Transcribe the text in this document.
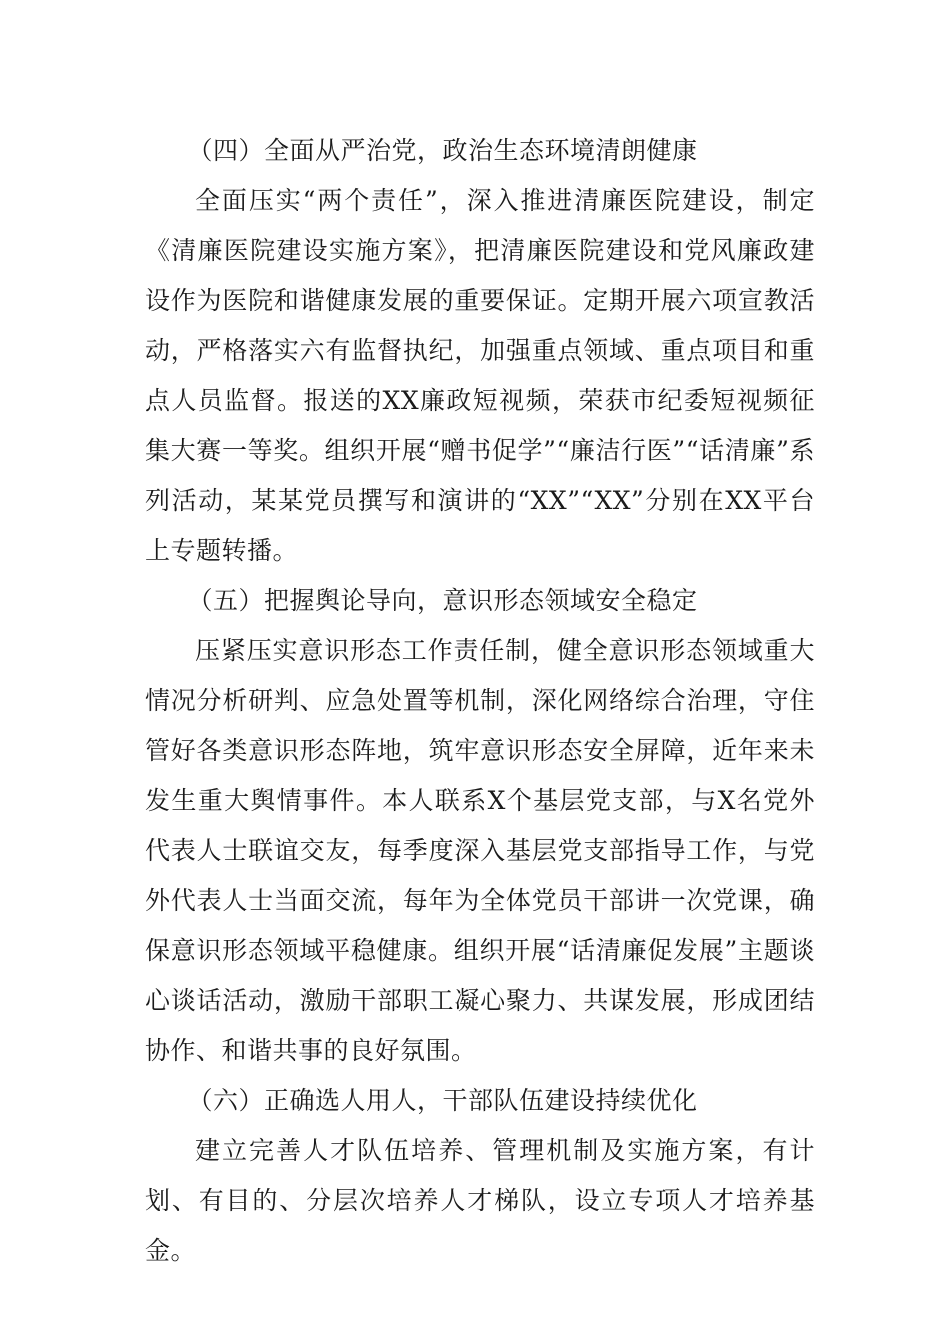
（四）全面从严治党，政治生态环境清朗健康

全面压实“两个责任”，深入推进清廉医院建设，制定《清廉医院建设实施方案》，把清廉医院建设和党风廉政建设作为医院和谐健康发展的重要保证。定期开展六项宣教活动，严格落实六有监督执纪，加强重点领域、重点项目和重点人员监督。报送的XX廉政短视频，荣获市纪委短视频征集大赛一等奖。组织开展“赠书促学”“廉洁行医”“话清廉”系列活动，某某党员撰写和演讲的“XX”“XX”分别在XX平台上专题转播。

（五）把握舆论导向，意识形态领域安全稳定

压紧压实意识形态工作责任制，健全意识形态领域重大情况分析研判、应急处置等机制，深化网络综合治理，守住管好各类意识形态阵地，筑牢意识形态安全屏障，近年来未发生重大舆情事件。本人联系X个基层党支部，与X名党外代表人士联谊交友，每季度深入基层党支部指导工作，与党外代表人士当面交流，每年为全体党员干部讲一次党课，确保意识形态领域平稳健康。组织开展“话清廉促发展”主题谈心谈话活动，激励干部职工凝心聚力、共谋发展，形成团结协作、和谐共事的良好氛围。

（六）正确选人用人，干部队伍建设持续优化

建立完善人才队伍培养、管理机制及实施方案，有计划、有目的、分层次培养人才梯队，设立专项人才培养基金。
